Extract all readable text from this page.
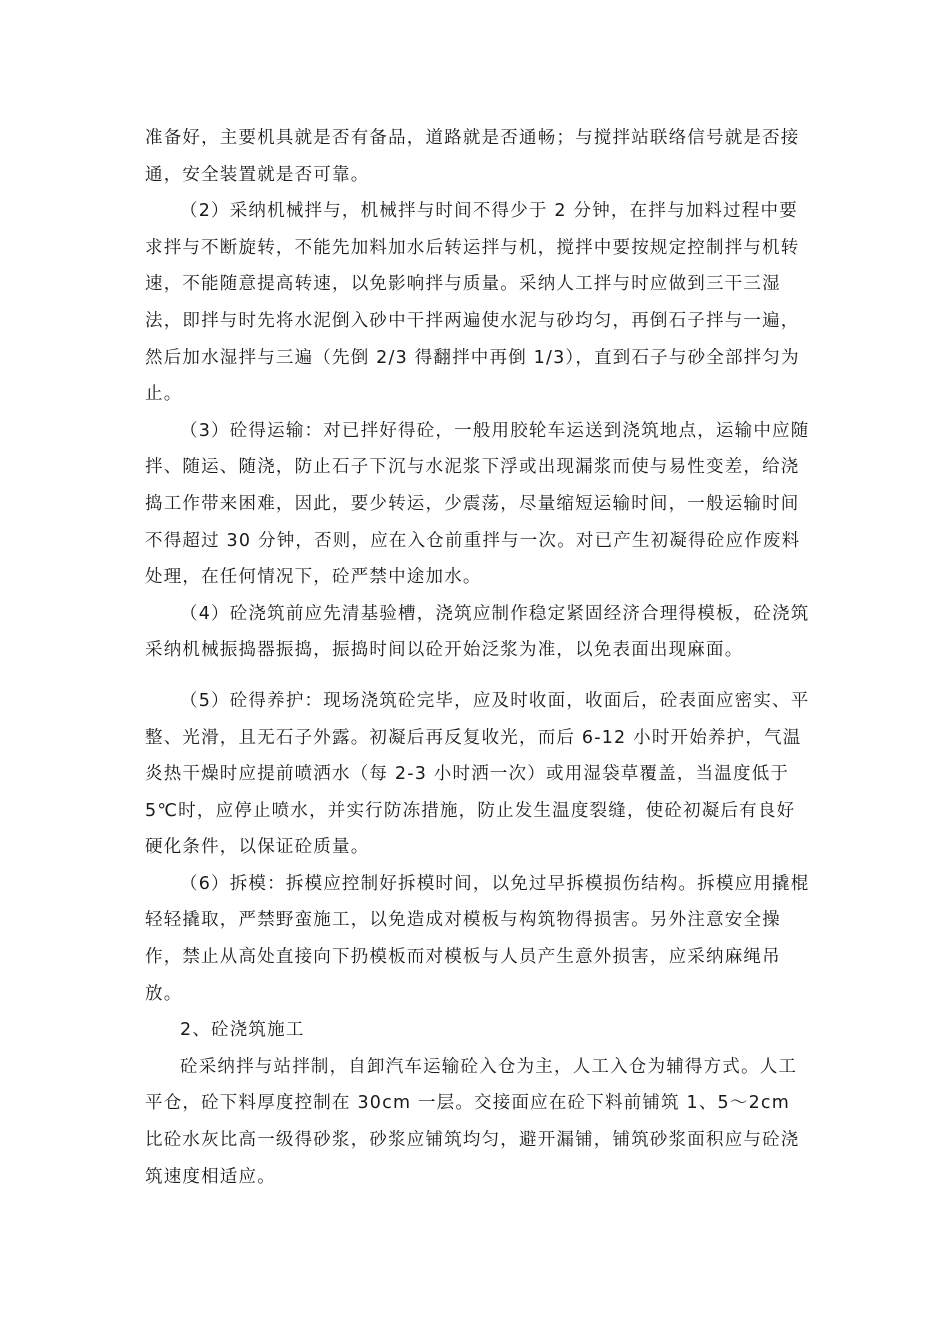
准备好，主要机具就是否有备品，道路就是否通畅；与搅拌站联络信号就是否接通，安全装置就是否可靠。

（2）采纳机械拌与，机械拌与时间不得少于 2 分钟，在拌与加料过程中要求拌与不断旋转，不能先加料加水后转运拌与机，搅拌中要按规定控制拌与机转速，不能随意提高转速，以免影响拌与质量。采纳人工拌与时应做到三干三湿法，即拌与时先将水泥倒入砂中干拌两遍使水泥与砂均匀，再倒石子拌与一遍，然后加水湿拌与三遍（先倒 2/3 得翻拌中再倒 1/3），直到石子与砂全部拌匀为止。

（3）砼得运输：对已拌好得砼，一般用胶轮车运送到浇筑地点，运输中应随拌、随运、随浇，防止石子下沉与水泥浆下浮或出现漏浆而使与易性变差，给浇捣工作带来困难，因此，要少转运，少震荡，尽量缩短运输时间，一般运输时间不得超过 30 分钟，否则，应在入仓前重拌与一次。对已产生初凝得砼应作废料处理，在任何情况下，砼严禁中途加水。

（4）砼浇筑前应先清基验槽，浇筑应制作稳定紧固经济合理得模板，砼浇筑采纳机械振捣器振捣，振捣时间以砼开始泛浆为准，以免表面出现麻面。

（5）砼得养护：现场浇筑砼完毕，应及时收面，收面后，砼表面应密实、平整、光滑，且无石子外露。初凝后再反复收光，而后 6-12 小时开始养护，气温炎热干燥时应提前喷洒水（每 2-3 小时洒一次）或用湿袋草覆盖，当温度低于 5℃时，应停止喷水，并实行防冻措施，防止发生温度裂缝，使砼初凝后有良好硬化条件，以保证砼质量。

（6）拆模：拆模应控制好拆模时间，以免过早拆模损伤结构。拆模应用撬棍轻轻撬取，严禁野蛮施工，以免造成对模板与构筑物得损害。另外注意安全操作，禁止从高处直接向下扔模板而对模板与人员产生意外损害，应采纳麻绳吊放。

2、砼浇筑施工

砼采纳拌与站拌制，自卸汽车运输砼入仓为主，人工入仓为辅得方式。人工平仓，砼下料厚度控制在 30cm 一层。交接面应在砼下料前铺筑 1、5～2cm 比砼水灰比高一级得砂浆，砂浆应铺筑均匀，避开漏铺，铺筑砂浆面积应与砼浇筑速度相适应。
